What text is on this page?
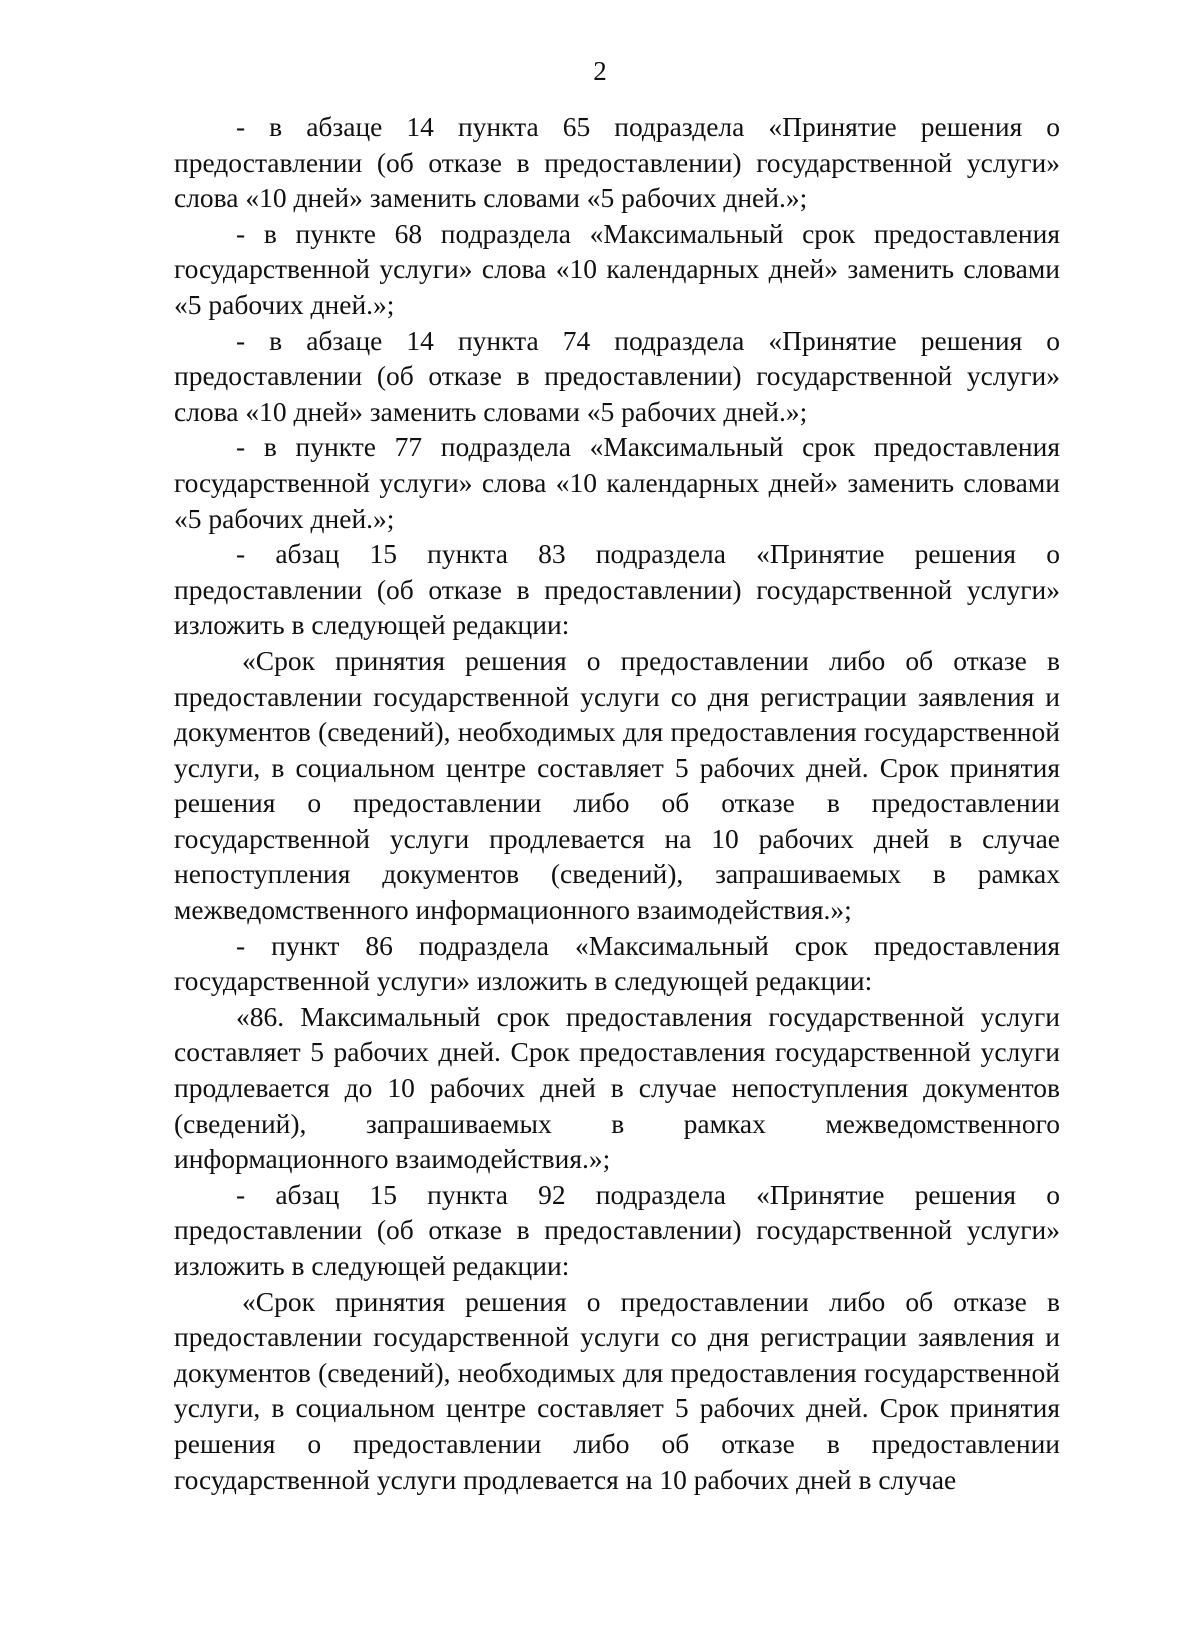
2

- в абзаце 14 пункта 65 подраздела «Принятие решения о предоставлении (об отказе в предоставлении) государственной услуги» слова «10 дней» заменить словами «5 рабочих дней.»;

- в пункте 68 подраздела «Максимальный срок предоставления государственной услуги» слова «10 календарных дней» заменить словами «5 рабочих дней.»;

- в абзаце 14 пункта 74 подраздела «Принятие решения о предоставлении (об отказе в предоставлении) государственной услуги» слова «10 дней» заменить словами «5 рабочих дней.»;

- в пункте 77 подраздела «Максимальный срок предоставления государственной услуги» слова «10 календарных дней» заменить словами «5 рабочих дней.»;

- абзац 15 пункта 83 подраздела «Принятие решения о предоставлении (об отказе в предоставлении) государственной услуги» изложить в следующей редакции:

«Срок принятия решения о предоставлении либо об отказе в предоставлении государственной услуги со дня регистрации заявления и документов (сведений), необходимых для предоставления государственной услуги, в социальном центре составляет 5 рабочих дней. Срок принятия решения о предоставлении либо об отказе в предоставлении государственной услуги продлевается на 10 рабочих дней в случае непоступления документов (сведений), запрашиваемых в рамках межведомственного информационного взаимодействия.»;

- пункт 86 подраздела «Максимальный срок предоставления государственной услуги» изложить в следующей редакции:

«86. Максимальный срок предоставления государственной услуги составляет 5 рабочих дней. Срок предоставления государственной услуги продлевается до 10 рабочих дней в случае непоступления документов (сведений), запрашиваемых в рамках межведомственного информационного взаимодействия.»;

- абзац 15 пункта 92 подраздела «Принятие решения о предоставлении (об отказе в предоставлении) государственной услуги» изложить в следующей редакции:

«Срок принятия решения о предоставлении либо об отказе в предоставлении государственной услуги со дня регистрации заявления и документов (сведений), необходимых для предоставления государственной услуги, в социальном центре составляет 5 рабочих дней. Срок принятия решения о предоставлении либо об отказе в предоставлении государственной услуги продлевается на 10 рабочих дней в случае
